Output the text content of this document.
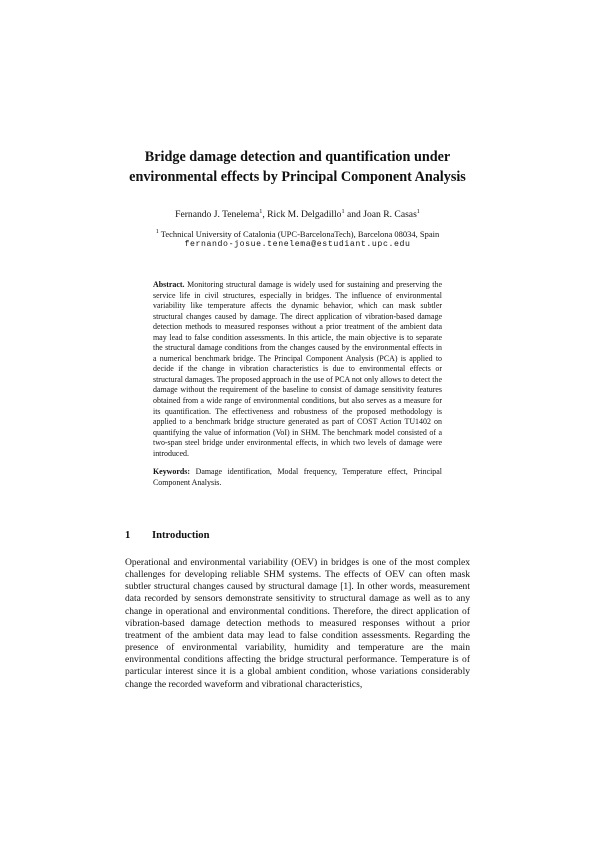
Bridge damage detection and quantification under
environmental effects by Principal Component Analysis
Fernando J. Tenelema$^1$, Rick M. Delgadillo$^1$ and Joan R. Casas$^1$
$^1$ Technical University of Catalonia (UPC-BarcelonaTech), Barcelona 08034, Spain
fernando-josue.tenelema@estudiant.upc.edu

Abstract. Monitoring structural damage is widely used for sustaining and preserving the service life in civil structures, especially in bridges. The influence of environmental variability like temperature affects the dynamic behavior, which can mask subtler structural changes caused by damage. The direct application of vibration-based damage detection methods to measured responses without a prior treatment of the ambient data may lead to false condition assessments. In this article, the main objective is to separate the structural damage conditions from the changes caused by the environmental effects in a numerical benchmark bridge. The Principal Component Analysis (PCA) is applied to decide if the change in vibration characteristics is due to environmental effects or structural damages. The proposed approach in the use of PCA not only allows to detect the damage without the requirement of the baseline to consist of damage sensitivity features obtained from a wide range of environmental conditions, but also serves as a measure for its quantification. The effectiveness and robustness of the proposed methodology is applied to a benchmark bridge structure generated as part of COST Action TU1402 on quantifying the value of information (VoI) in SHM. The benchmark model consisted of a two-span steel bridge under environmental effects, in which two levels of damage were introduced.

Keywords: Damage identification, Modal frequency, Temperature effect, Principal Component Analysis.

1 Introduction

Operational and environmental variability (OEV) in bridges is one of the most complex challenges for developing reliable SHM systems. The effects of OEV can often mask subtler structural changes caused by structural damage [1]. In other words, measurement data recorded by sensors demonstrate sensitivity to structural damage as well as to any change in operational and environmental conditions. Therefore, the direct application of vibration-based damage detection methods to measured responses without a prior treatment of the ambient data may lead to false condition assessments. Regarding the presence of environmental variability, humidity and temperature are the main environmental conditions affecting the bridge structural performance. Temperature is of particular interest since it is a global ambient condition, whose variations considerably change the recorded waveform and vibrational characteristics,
